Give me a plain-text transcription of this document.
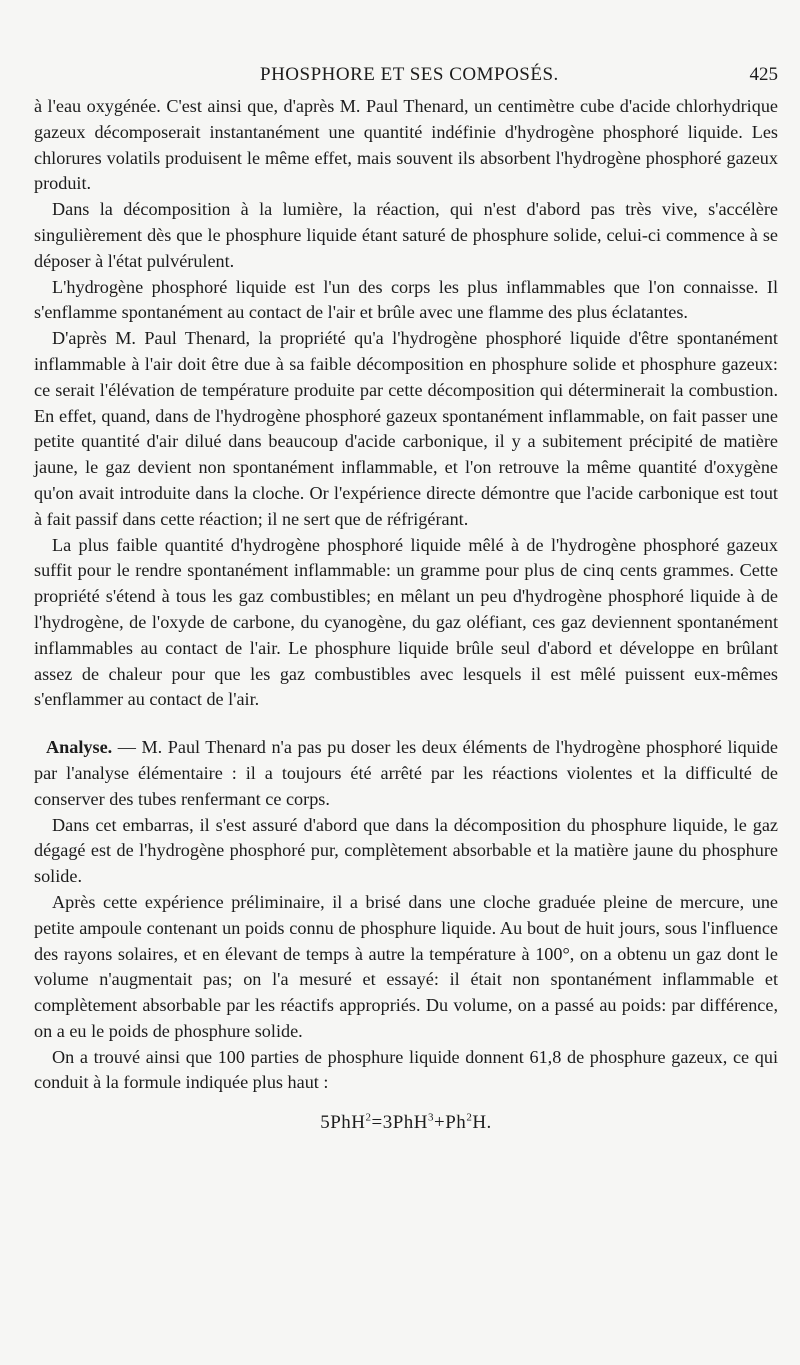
PHOSPHORE ET SES COMPOSÉS.	425

à l'eau oxygénée. C'est ainsi que, d'après M. Paul Thenard, un centimètre cube d'acide chlorhydrique gazeux décomposerait instantanément une quantité indéfinie d'hydrogène phosphoré liquide. Les chlorures volatils produisent le même effet, mais souvent ils absorbent l'hydrogène phosphoré gazeux produit.

Dans la décomposition à la lumière, la réaction, qui n'est d'abord pas très vive, s'accélère singulièrement dès que le phosphure liquide étant saturé de phosphure solide, celui-ci commence à se déposer à l'état pulvérulent.

L'hydrogène phosphoré liquide est l'un des corps les plus inflammables que l'on connaisse. Il s'enflamme spontanément au contact de l'air et brûle avec une flamme des plus éclatantes.

D'après M. Paul Thenard, la propriété qu'a l'hydrogène phosphoré liquide d'être spontanément inflammable à l'air doit être due à sa faible décomposition en phosphure solide et phosphure gazeux: ce serait l'élévation de température produite par cette décomposition qui déterminerait la combustion. En effet, quand, dans de l'hydrogène phosphoré gazeux spontanément inflammable, on fait passer une petite quantité d'air dilué dans beaucoup d'acide carbonique, il y a subitement précipité de matière jaune, le gaz devient non spontanément inflammable, et l'on retrouve la même quantité d'oxygène qu'on avait introduite dans la cloche. Or l'expérience directe démontre que l'acide carbonique est tout à fait passif dans cette réaction; il ne sert que de réfrigérant.

La plus faible quantité d'hydrogène phosphoré liquide mêlé à de l'hydrogène phosphoré gazeux suffit pour le rendre spontanément inflammable: un gramme pour plus de cinq cents grammes. Cette propriété s'étend à tous les gaz combustibles; en mêlant un peu d'hydrogène phosphoré liquide à de l'hydrogène, de l'oxyde de carbone, du cyanogène, du gaz oléfiant, ces gaz deviennent spontanément inflammables au contact de l'air. Le phosphure liquide brûle seul d'abord et développe en brûlant assez de chaleur pour que les gaz combustibles avec lesquels il est mêlé puissent eux-mêmes s'enflammer au contact de l'air.

Analyse. — M. Paul Thenard n'a pas pu doser les deux éléments de l'hydrogène phosphoré liquide par l'analyse élémentaire : il a toujours été arrêté par les réactions violentes et la difficulté de conserver des tubes renfermant ce corps.

Dans cet embarras, il s'est assuré d'abord que dans la décomposition du phosphure liquide, le gaz dégagé est de l'hydrogène phosphoré pur, complètement absorbable et la matière jaune du phosphure solide.

Après cette expérience préliminaire, il a brisé dans une cloche graduée pleine de mercure, une petite ampoule contenant un poids connu de phosphure liquide. Au bout de huit jours, sous l'influence des rayons solaires, et en élevant de temps à autre la température à 100°, on a obtenu un gaz dont le volume n'augmentait pas; on l'a mesuré et essayé: il était non spontanément inflammable et complètement absorbable par les réactifs appropriés. Du volume, on a passé au poids: par différence, on a eu le poids de phosphure solide.

On a trouvé ainsi que 100 parties de phosphure liquide donnent 61,8 de phosphure gazeux, ce qui conduit à la formule indiquée plus haut :

$5PhH^2=3PhH^3+Ph^2H$.
